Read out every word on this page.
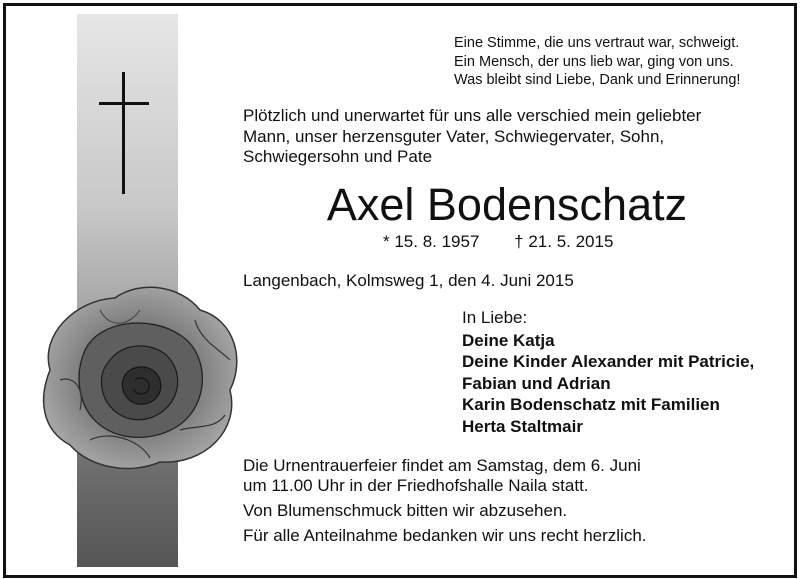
Eine Stimme, die uns vertraut war, schweigt.
Ein Mensch, der uns lieb war, ging von uns.
Was bleibt sind Liebe, Dank und Erinnerung!
Plötzlich und unerwartet für uns alle verschied mein geliebter
Mann, unser herzensguter Vater, Schwiegervater, Sohn,
Schwiegersohn und Pate
Axel Bodenschatz
* 15. 8. 1957 † 21. 5. 2015
Langenbach, Kolmsweg 1, den 4. Juni 2015
In Liebe:
Deine Katja
Deine Kinder Alexander mit Patricie,
Fabian und Adrian
Karin Bodenschatz mit Familien
Herta Staltmair
Die Urnentrauerfeier findet am Samstag, dem 6. Juni
um 11.00 Uhr in der Friedhofshalle Naila statt.
Von Blumenschmuck bitten wir abzusehen.
Für alle Anteilnahme bedanken wir uns recht herzlich.
